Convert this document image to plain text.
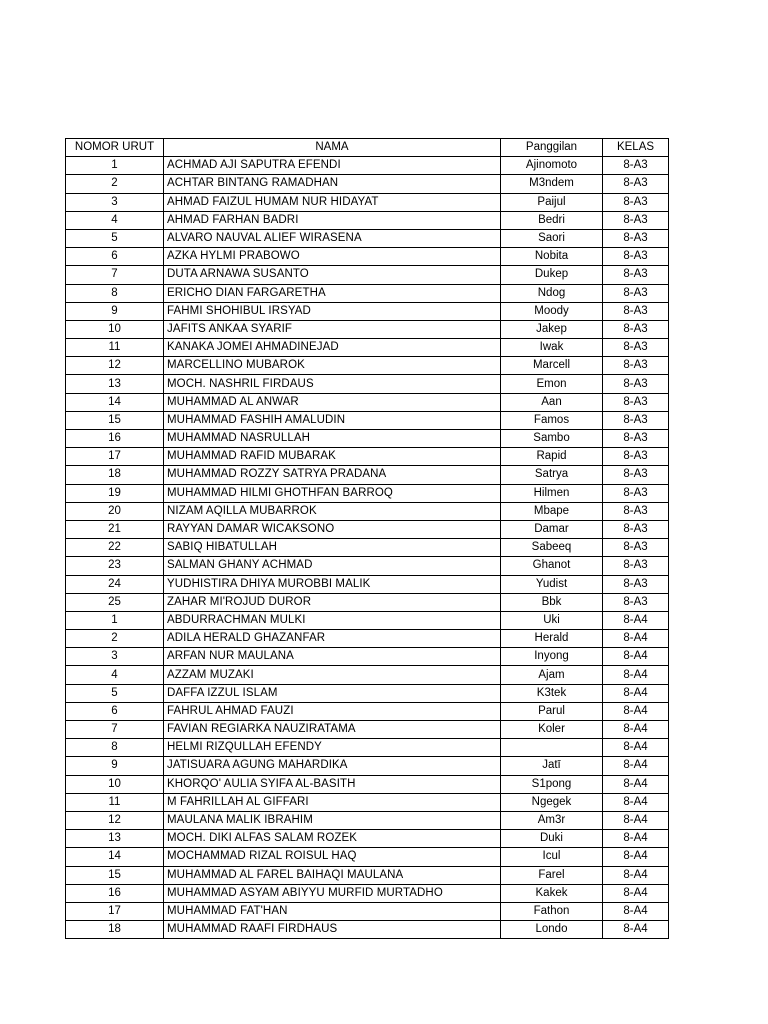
NOMOR URUT	NAMA	Panggilan	KELAS
1	ACHMAD AJI SAPUTRA EFENDI	Ajinomoto	8-A3
2	ACHTAR BINTANG RAMADHAN	M3ndem	8-A3
3	AHMAD FAIZUL HUMAM NUR HIDAYAT	Paijul	8-A3
4	AHMAD FARHAN BADRI	Bedri	8-A3
5	ALVARO NAUVAL ALIEF WIRASENA	Saori	8-A3
6	AZKA HYLMI PRABOWO	Nobita	8-A3
7	DUTA ARNAWA SUSANTO	Dukep	8-A3
8	ERICHO DIAN FARGARETHA	Ndog	8-A3
9	FAHMI SHOHIBUL IRSYAD	Moody	8-A3
10	JAFITS ANKAA SYARIF	Jakep	8-A3
11	KANAKA JOMEI AHMADINEJAD	Iwak	8-A3
12	MARCELLINO MUBAROK	Marcell	8-A3
13	MOCH. NASHRIL FIRDAUS	Emon	8-A3
14	MUHAMMAD AL ANWAR	Aan	8-A3
15	MUHAMMAD FASHIH AMALUDIN	Famos	8-A3
16	MUHAMMAD NASRULLAH	Sambo	8-A3
17	MUHAMMAD RAFID MUBARAK	Rapid	8-A3
18	MUHAMMAD ROZZY SATRYA PRADANA	Satrya	8-A3
19	MUHAMMAD HILMI GHOTHFAN BARROQ	Hilmen	8-A3
20	NIZAM AQILLA MUBARROK	Mbape	8-A3
21	RAYYAN DAMAR WICAKSONO	Damar	8-A3
22	SABIQ HIBATULLAH	Sabeeq	8-A3
23	SALMAN GHANY ACHMAD	Ghanot	8-A3
24	YUDHISTIRA DHIYA MUROBBI MALIK	Yudist	8-A3
25	ZAHAR MI'ROJUD DUROR	Bbk	8-A3
1	ABDURRACHMAN MULKI	Uki	8-A4
2	ADILA HERALD GHAZANFAR	Herald	8-A4
3	ARFAN NUR MAULANA	Inyong	8-A4
4	AZZAM MUZAKI	Ajam	8-A4
5	DAFFA IZZUL ISLAM	K3tek	8-A4
6	FAHRUL AHMAD FAUZI	Parul	8-A4
7	FAVIAN REGIARKA NAUZIRATAMA	Koler	8-A4
8	HELMI RIZQULLAH EFENDY		8-A4
9	JATISUARA AGUNG MAHARDIKA	Jatī	8-A4
10	KHORQO' AULIA SYIFA AL-BASITH	S1pong	8-A4
11	M FAHRILLAH AL GIFFARI	Ngegek	8-A4
12	MAULANA MALIK IBRAHIM	Am3r	8-A4
13	MOCH. DIKI ALFAS SALAM ROZEK	Duki	8-A4
14	MOCHAMMAD RIZAL ROISUL HAQ	Icul	8-A4
15	MUHAMMAD AL FAREL BAIHAQI MAULANA	Farel	8-A4
16	MUHAMMAD ASYAM ABIYYU MURFID MURTADHO	Kakek	8-A4
17	MUHAMMAD FAT'HAN	Fathon	8-A4
18	MUHAMMAD RAAFI FIRDHAUS	Londo	8-A4
